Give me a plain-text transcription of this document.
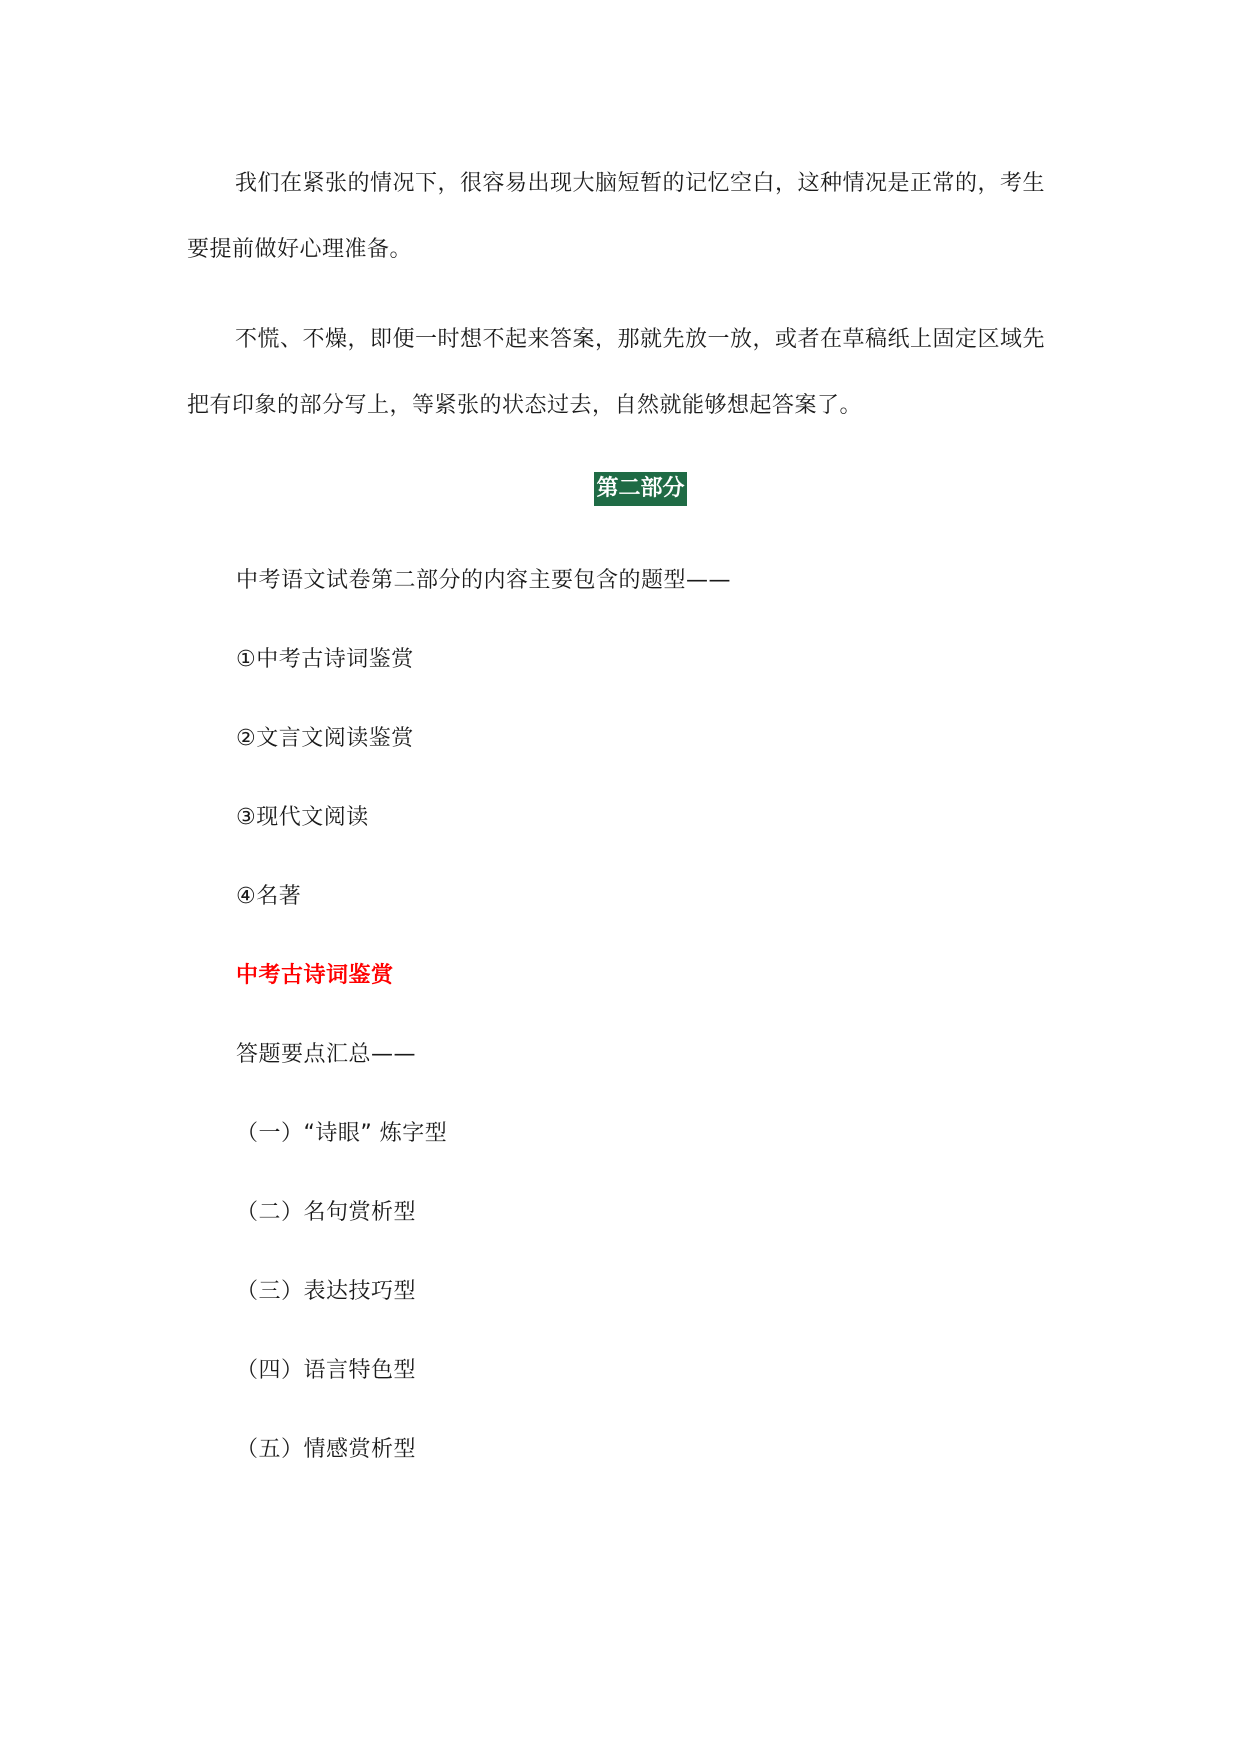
我们在紧张的情况下，很容易出现大脑短暂的记忆空白，这种情况是正常的，考生要提前做好心理准备。

不慌、不燥，即便一时想不起来答案，那就先放一放，或者在草稿纸上固定区域先把有印象的部分写上，等紧张的状态过去，自然就能够想起答案了。

第二部分

中考语文试卷第二部分的内容主要包含的题型——

①中考古诗词鉴赏

②文言文阅读鉴赏

③现代文阅读

④名著

中考古诗词鉴赏

答题要点汇总——

（一）“诗眼” 炼字型

（二）名句赏析型

（三）表达技巧型

（四）语言特色型

（五）情感赏析型
